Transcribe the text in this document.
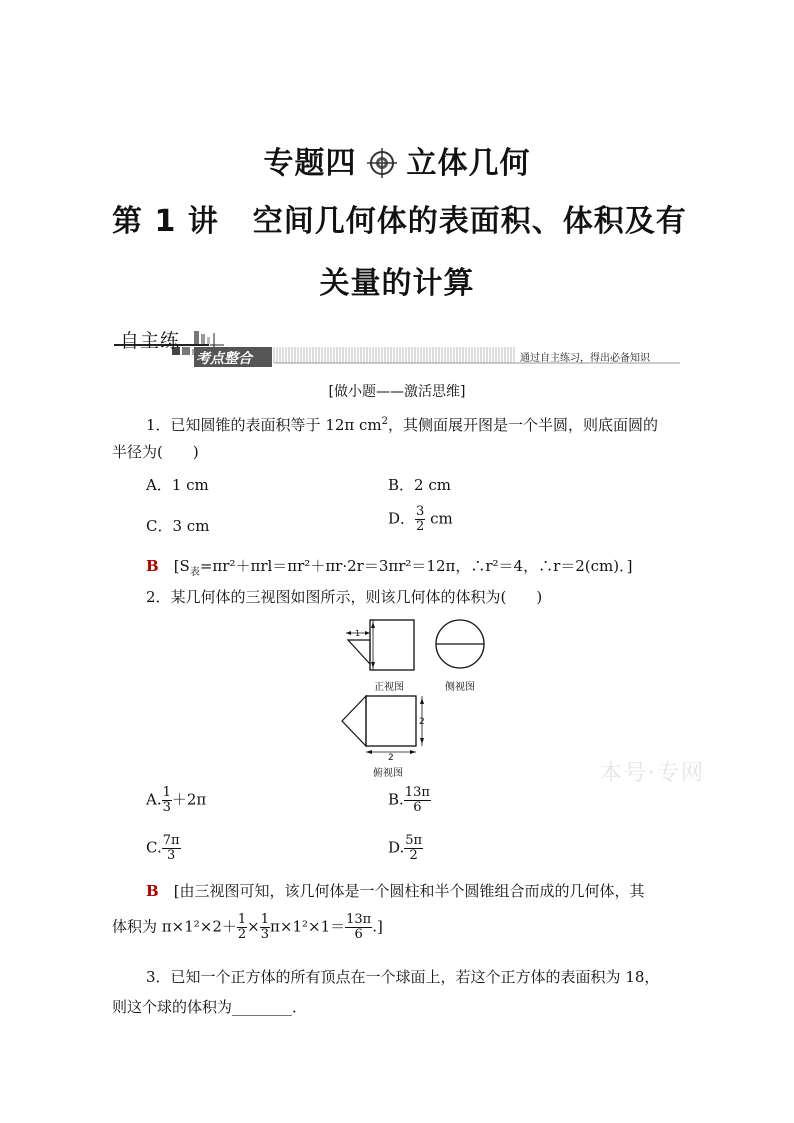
专题四 立体几何
第 1 讲 空间几何体的表面积、体积及有
关量的计算
自主练
考点整合	通过自主练习，得出必备知识
[做小题——激活思维]
1．已知圆锥的表面积等于 12π $cm^2$，其侧面展开图是一个半圆，则底面圆的
半径为(　　)
A．1 cm	B．2 cm
C．3 cm	D． $\frac{3}{2}$ cm
B　 [$S_表=\pi r^2+\pi rl=\pi r^2+\pi r\cdot 2r=3\pi r^2=12\pi$，∴r²＝4，∴r＝2(cm)．]
2．某几何体的三视图如图所示，则该几何体的体积为(　　)
1
2
2
正视图	侧视图
俯视图	本号·专网
A. $\frac{1}{3} +2\pi$	B. $\frac{13\pi}{6}$
C. $\frac{7\pi}{3}$	D. $\frac{5\pi}{2}$
B　 [由三视图可知，该几何体是一个圆柱和半个圆锥组合而成的几何体，其
体积为 $\pi\times 1^2\times 2+ \frac{1}{2} \times \frac{1}{3} \pi\times 1^2\times 1= \frac{13\pi}{6}$ .]
3．已知一个正方体的所有顶点在一个球面上，若这个正方体的表面积为 18，
则这个球的体积为________．
